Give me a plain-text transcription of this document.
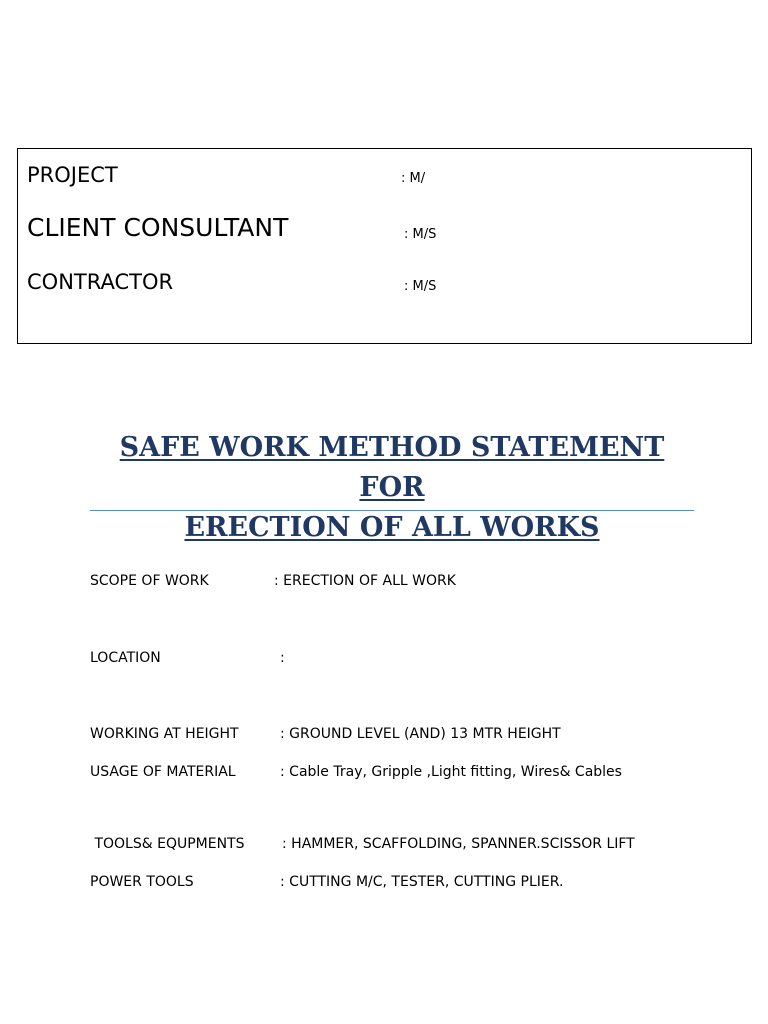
PROJECT	: M/
CLIENT CONSULTANT	: M/S
CONTRACTOR	: M/S
SAFE WORK METHOD STATEMENT FOR
ERECTION OF ALL WORKS
SCOPE OF WORK	: ERECTION OF ALL WORK
LOCATION	:
WORKING AT HEIGHT	: GROUND LEVEL (AND) 13 MTR HEIGHT
USAGE OF MATERIAL	: Cable Tray, Gripple ,Light fitting, Wires& Cables
TOOLS& EQUPMENTS	: HAMMER, SCAFFOLDING, SPANNER.SCISSOR LIFT
POWER TOOLS	: CUTTING M/C, TESTER, CUTTING PLIER.
